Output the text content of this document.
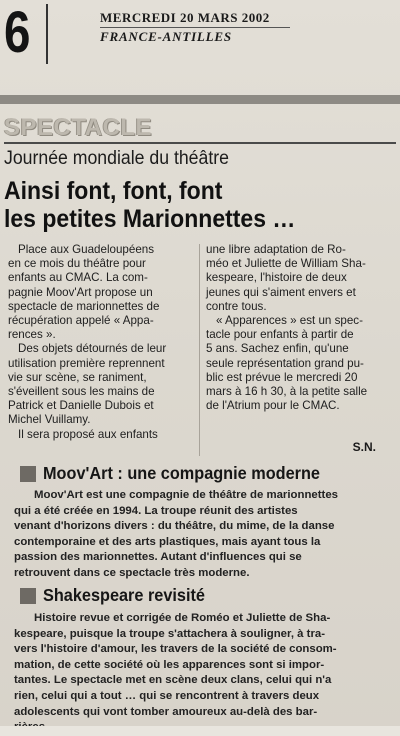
6	MERCREDI 20 MARS 2002
FRANCE-ANTILLES
SPECTACLE
Journée mondiale du théâtre
Ainsi font, font, font
les petites Marionnettes …
Place aux Guadeloupéens
en ce mois du théâtre pour
enfants au CMAC. La com-
pagnie Moov'Art propose un
spectacle de marionnettes de
récupération appelé « Appa-
rences ».
Des objets détournés de leur
utilisation première reprennent
vie sur scène, se raniment,
s'éveillent sous les mains de
Patrick et Danielle Dubois et
Michel Vuillamy.
Il sera proposé aux enfants
une libre adaptation de Ro-
méo et Juliette de William Sha-
kespeare, l'histoire de deux
jeunes qui s'aiment envers et
contre tous.
« Apparences » est un spec-
tacle pour enfants à partir de
5 ans. Sachez enfin, qu'une
seule représentation grand pu-
blic est prévue le mercredi 20
mars à 16 h 30, à la petite salle
de l'Atrium pour le CMAC.
S.N.
Moov'Art : une compagnie moderne
Moov'Art est une compagnie de théâtre de marionnettes
qui a été créée en 1994. La troupe réunit des artistes
venant d'horizons divers : du théâtre, du mime, de la danse
contemporaine et des arts plastiques, mais ayant tous la
passion des marionnettes. Autant d'influences qui se
retrouvent dans ce spectacle très moderne.
Shakespeare revisité
Histoire revue et corrigée de Roméo et Juliette de Sha-
kespeare, puisque la troupe s'attachera à souligner, à tra-
vers l'histoire d'amour, les travers de la société de consom-
mation, de cette société où les apparences sont si impor-
tantes. Le spectacle met en scène deux clans, celui qui n'a
rien, celui qui a tout … qui se rencontrent à travers deux
adolescents qui vont tomber amoureux au-delà des bar-
